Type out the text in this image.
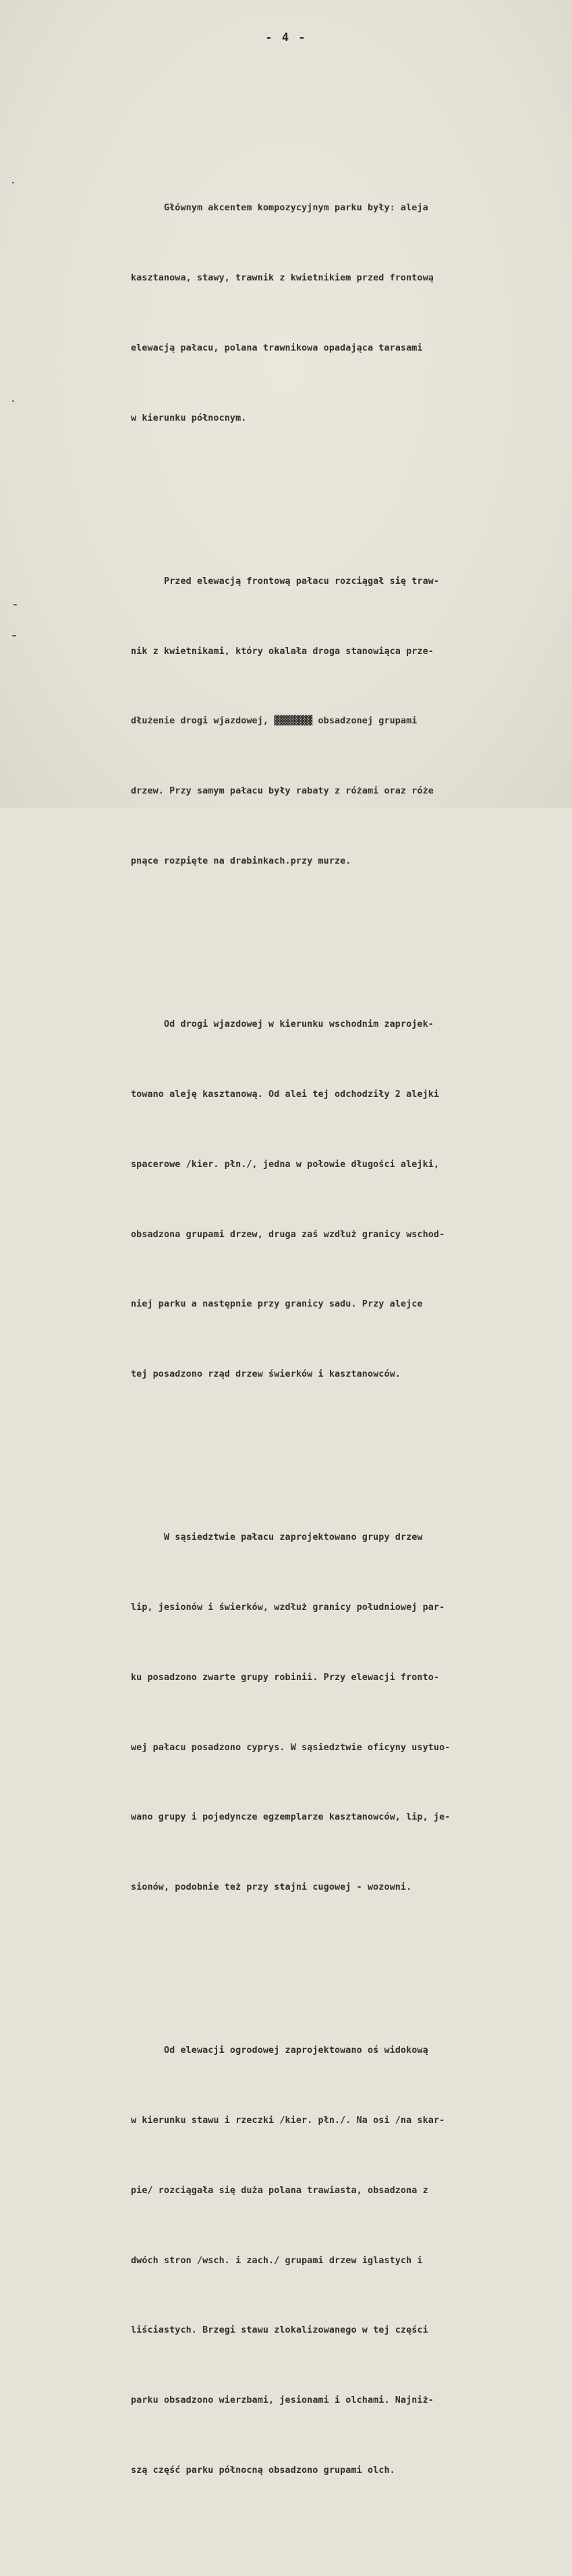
- 4 -

Głównym akcentem kompozycyjnym parku były: aleja

kasztanowa, stawy, trawnik z kwietnikiem przed frontową

elewacją pałacu, polana trawnikowa opadająca tarasami

w kierunku północnym.

Przed elewacją frontową pałacu rozciągał się traw-

nik z kwietnikami, który okalała droga stanowiąca prze-

dłużenie drogi wjazdowej, ▓▓▓▓▓▓▓ obsadzonej grupami

drzew. Przy samym pałacu były rabaty z różami oraz róże

pnące rozpięte na drabinkach.przy murze.

Od drogi wjazdowej w kierunku wschodnim zaprojek-

towano aleję kasztanową. Od alei tej odchodziły 2 alejki

spacerowe /kier. płn./, jedna w połowie długości alejki,

obsadzona grupami drzew, druga zaś wzdłuż granicy wschod-

niej parku a następnie przy granicy sadu. Przy alejce

tej posadzono rząd drzew świerków i kasztanowców.

W sąsiedztwie pałacu zaprojektowano grupy drzew

lip, jesionów i świerków, wzdłuż granicy południowej par-

ku posadzono zwarte grupy robinii. Przy elewacji fronto-

wej pałacu posadzono cyprys. W sąsiedztwie oficyny usytuo-

wano grupy i pojedyncze egzemplarze kasztanowców, lip, je-

sionów, podobnie też przy stajni cugowej - wozowni.

Od elewacji ogrodowej zaprojektowano oś widokową

w kierunku stawu i rzeczki /kier. płn./. Na osi /na skar-

pie/ rozciągała się duża polana trawiasta, obsadzona z

dwóch stron /wsch. i zach./ grupami drzew iglastych i

liściastych. Brzegi stawu zlokalizowanego w tej części

parku obsadzono wierzbami, jesionami i olchami. Najniż-

szą część parku północną obsadzono grupami olch.
